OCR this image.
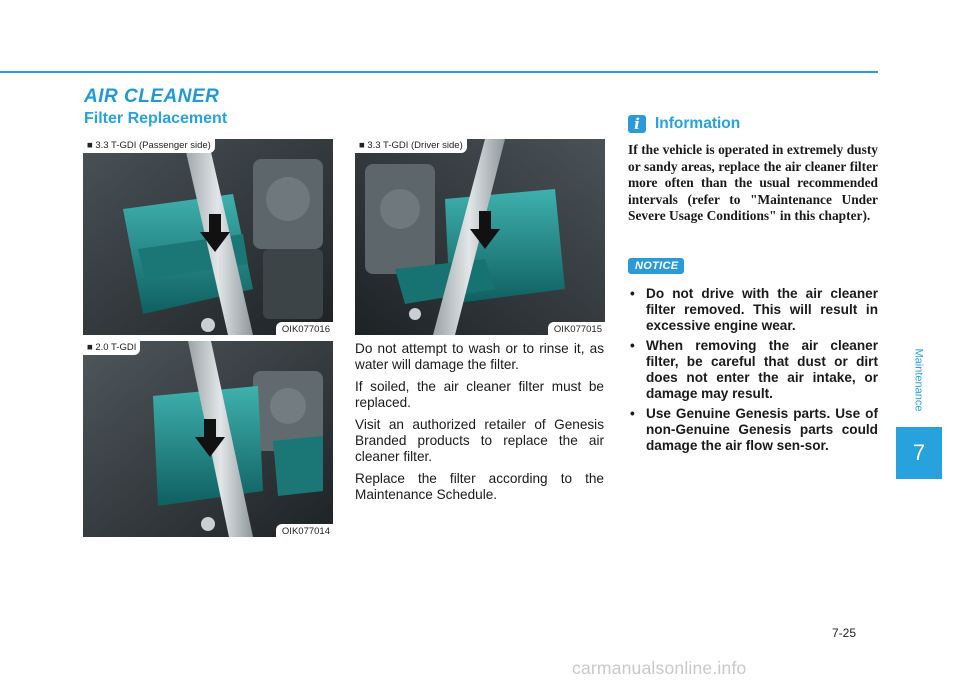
AIR CLEANER
Filter Replacement
■ 3.3 T-GDI (Passenger side)
OIK077016
■ 3.3 T-GDI (Driver side)
OIK077015
■ 2.0 T-GDI
OIK077014

Do not attempt to wash or to rinse it, as water will damage the filter.

If soiled, the air cleaner filter must be replaced.

Visit an authorized retailer of Genesis Branded products to replace the air cleaner filter.

Replace the filter according to the Maintenance Schedule.

i Information
If the vehicle is operated in extremely dusty or sandy areas, replace the air cleaner filter more often than the usual recommended intervals (refer to "Maintenance Under Severe Usage Conditions" in this chapter).
NOTICE
• Do not drive with the air cleaner filter removed. This will result in excessive engine wear.
• When removing the air cleaner filter, be careful that dust or dirt does not enter the air intake, or damage may result.
• Use Genuine Genesis parts. Use of non-Genuine Genesis parts could damage the air flow sen-sor.
Maintenance
7
7-25
carmanualsonline.info
